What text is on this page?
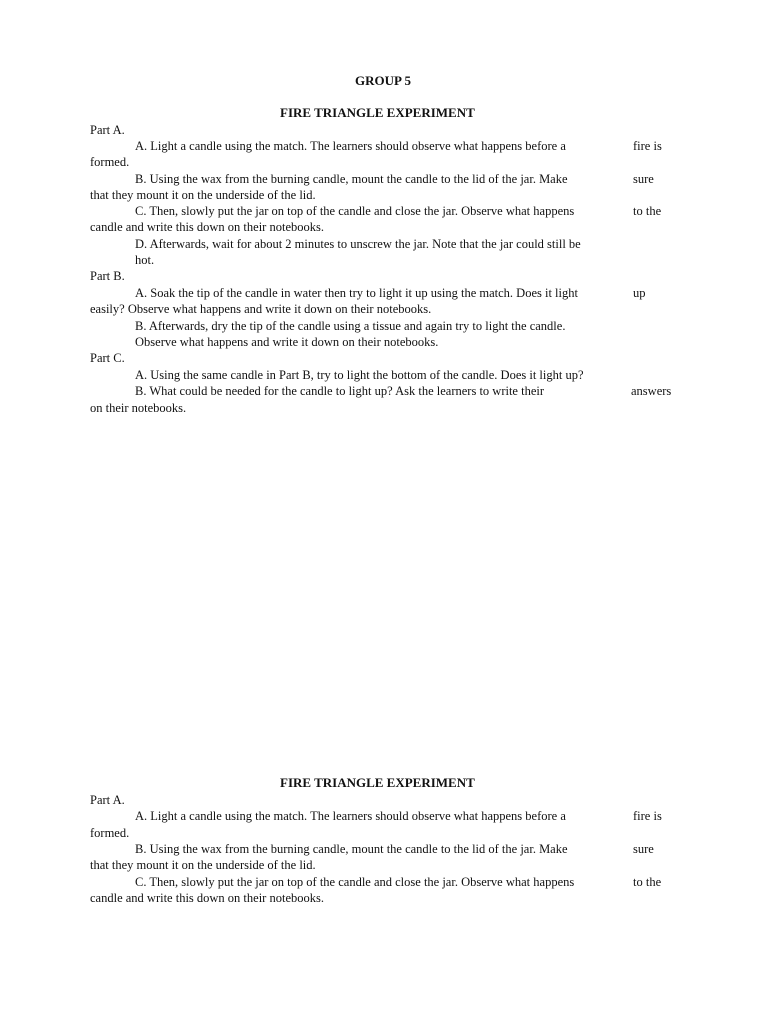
GROUP 5
FIRE TRIANGLE EXPERIMENT
Part A.
A. Light a candle using the match. The learners should observe what happens before a	fire is
formed.
B. Using the wax from the burning candle, mount the candle to the lid of the jar. Make	sure
that they mount it on the underside of the lid.
C. Then, slowly put the jar on top of the candle and close the jar. Observe what happens	to the
candle and write this down on their notebooks.
D. Afterwards, wait for about 2 minutes to unscrew the jar. Note that the jar could still be
hot.
Part B.
A. Soak the tip of the candle in water then try to light it up using the match. Does it light	up
easily? Observe what happens and write it down on their notebooks.
B. Afterwards, dry the tip of the candle using a tissue and again try to light the candle.
Observe what happens and write it down on their notebooks.
Part C.
A. Using the same candle in Part B, try to light the bottom of the candle. Does it light up?
B. What could be needed for the candle to light up? Ask the learners to write their	answers
on their notebooks.
FIRE TRIANGLE EXPERIMENT
Part A.
A. Light a candle using the match. The learners should observe what happens before a	fire is
formed.
B. Using the wax from the burning candle, mount the candle to the lid of the jar. Make	sure
that they mount it on the underside of the lid.
C. Then, slowly put the jar on top of the candle and close the jar. Observe what happens	to the
candle and write this down on their notebooks.
